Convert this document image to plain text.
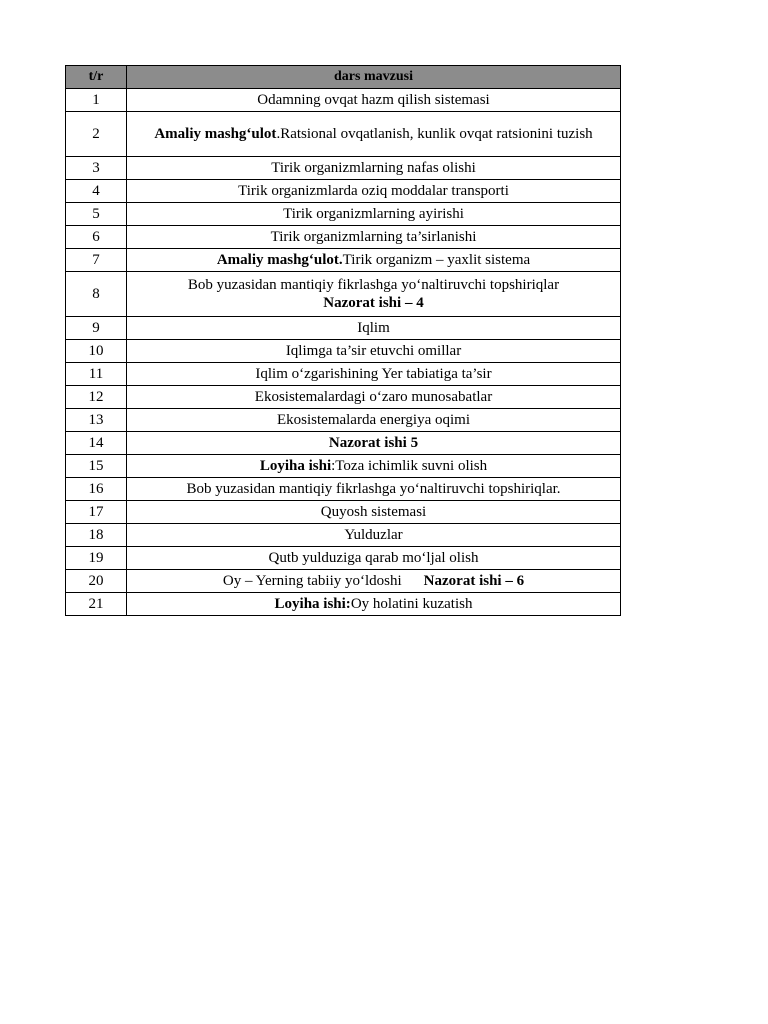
t/r	dars mavzusi
1	Odamning ovqat hazm qilish sistemasi
2	Amaliy mashg‘ulot.Ratsional ovqatlanish, kunlik ovqat ratsionini tuzish
3	Tirik organizmlarning nafas olishi
4	Tirik organizmlarda oziq moddalar transporti
5	Tirik organizmlarning ayirishi
6	Tirik organizmlarning ta’sirlanishi
7	Amaliy mashg‘ulot.Tirik organizm – yaxlit sistema
8	Bob yuzasidan mantiqiy fikrlashga yo‘naltiruvchi topshiriqlar
Nazorat ishi – 4
9	Iqlim
10	Iqlimga ta’sir etuvchi omillar
11	Iqlim o‘zgarishining Yer tabiatiga ta’sir
12	Ekosistemalardagi o‘zaro munosabatlar
13	Ekosistemalarda energiya oqimi
14	Nazorat ishi 5
15	Loyiha ishi:Toza ichimlik suvni olish
16	Bob yuzasidan mantiqiy fikrlashga yo‘naltiruvchi topshiriqlar.
17	Quyosh sistemasi
18	Yulduzlar
19	Qutb yulduziga qarab mo‘ljal olish
20	Oy – Yerning tabiiy yo‘ldoshi Nazorat ishi – 6
21	Loyiha ishi:Oy holatini kuzatish
